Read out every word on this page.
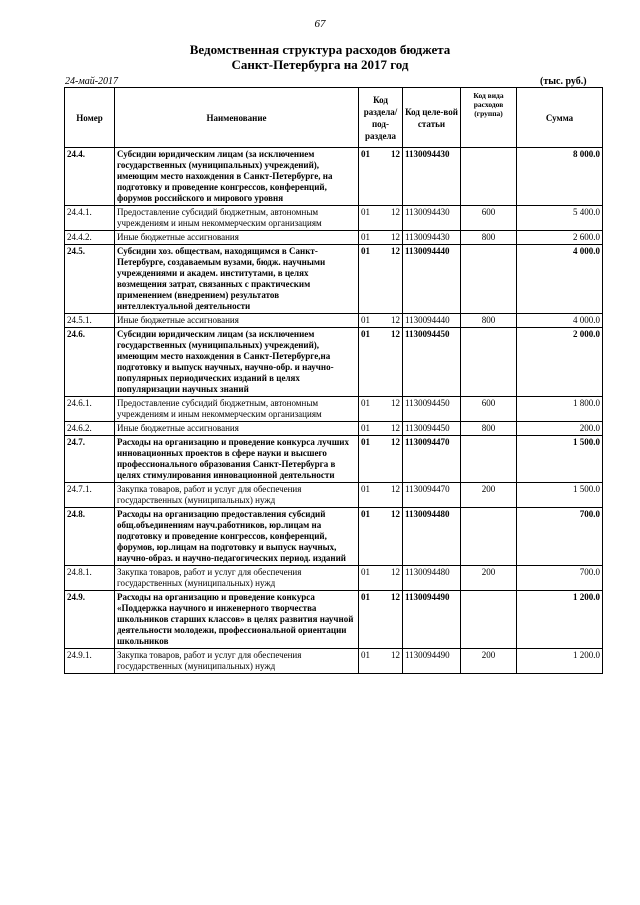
67
Ведомственная структура расходов бюджета
Санкт-Петербурга на 2017 год
24-май-2017	(тыс. руб.)
Номер	Наименование	Код раздела/ под-раздела	Код целе-вой статьи	Код вида расходов (группа)	Сумма
24.4.	Субсидии юридическим лицам (за исключением государственных (муниципальных) учреждений), имеющим место нахождения в Санкт-Петербурге, на подготовку и проведение конгрессов, конференций, форумов российского и мирового уровня	01 12	1130094430		8 000.0
24.4.1.	Предоставление субсидий бюджетным, автономным учреждениям и иным некоммерческим организациям	01 12	1130094430	600	5 400.0
24.4.2.	Иные бюджетные ассигнования	01 12	1130094430	800	2 600.0
24.5.	Субсидии хоз. обществам, находящимся в Санкт-Петербурге, создаваемым вузами, бюдж. научными учреждениями и академ. институтами, в целях возмещения затрат, связанных с практическим применением (внедрением) результатов интеллектуальной деятельности	01 12	1130094440		4 000.0
24.5.1.	Иные бюджетные ассигнования	01 12	1130094440	800	4 000.0
24.6.	Субсидии юридическим лицам (за исключением государственных (муниципальных) учреждений), имеющим место нахождения в Санкт-Петербурге,на подготовку и выпуск научных, научно-обр. и научно-популярных периодических изданий в целях популяризации научных знаний	01 12	1130094450		2 000.0
24.6.1.	Предоставление субсидий бюджетным, автономным учреждениям и иным некоммерческим организациям	01 12	1130094450	600	1 800.0
24.6.2.	Иные бюджетные ассигнования	01 12	1130094450	800	200.0
24.7.	Расходы на организацию и проведение конкурса лучших инновационных проектов в сфере науки и высшего профессионального образования Санкт-Петербурга в целях стимулирования инновационной деятельности	01 12	1130094470		1 500.0
24.7.1.	Закупка товаров, работ и услуг для обеспечения государственных (муниципальных) нужд	01 12	1130094470	200	1 500.0
24.8.	Расходы на организацию предоставления субсидий общ.объединениям науч.работников, юр.лицам на подготовку и проведение конгрессов, конференций, форумов, юр.лицам на подготовку и выпуск научных, научно-образ. и научно-педагогических период. изданий	01 12	1130094480		700.0
24.8.1.	Закупка товаров, работ и услуг для обеспечения государственных (муниципальных) нужд	01 12	1130094480	200	700.0
24.9.	Расходы на организацию и проведение конкурса «Поддержка научного и инженерного творчества школьников старших классов» в целях развития научной деятельности молодежи, профессиональной ориентации школьников	01 12	1130094490		1 200.0
24.9.1.	Закупка товаров, работ и услуг для обеспечения государственных (муниципальных) нужд	01 12	1130094490	200	1 200.0
